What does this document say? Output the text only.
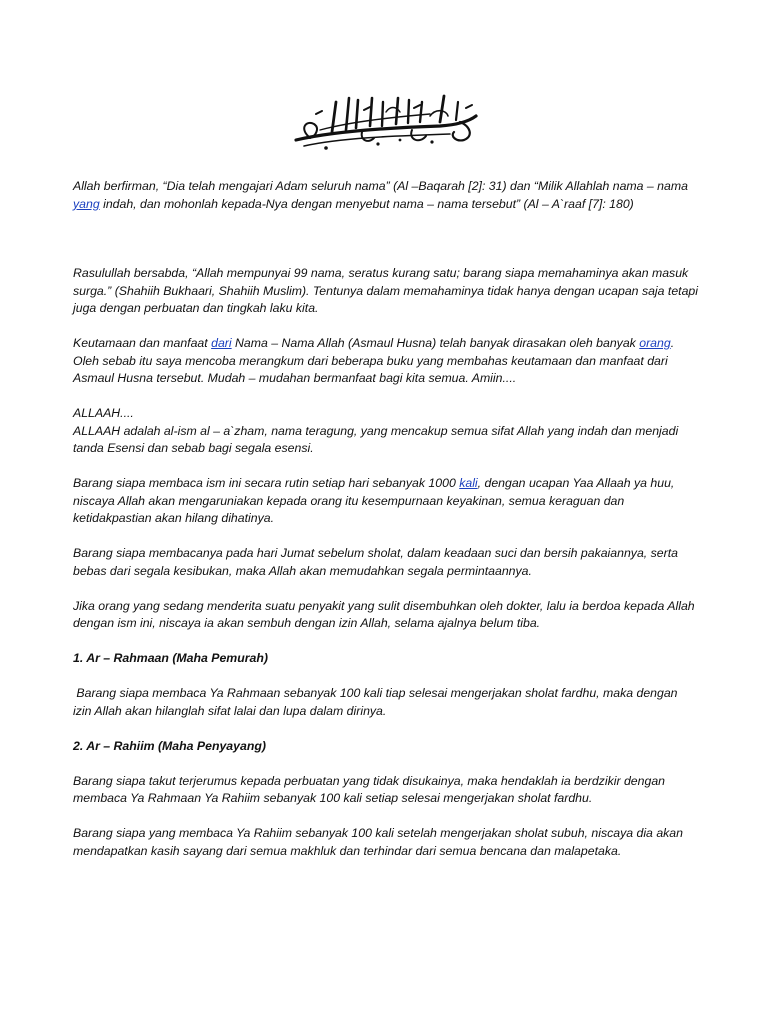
Allah berfirman, “Dia telah mengajari Adam seluruh nama” (Al –Baqarah [2]: 31) dan “Milik Allahlah nama – nama yang indah, dan mohonlah kepada-Nya dengan menyebut nama – nama tersebut” (Al – A`raaf [7]: 180)

Rasulullah bersabda, “Allah mempunyai 99 nama, seratus kurang satu; barang siapa memahaminya akan masuk surga.” (Shahiih Bukhaari, Shahiih Muslim). Tentunya dalam memahaminya tidak hanya dengan ucapan saja tetapi juga dengan perbuatan dan tingkah laku kita.

Keutamaan dan manfaat dari Nama – Nama Allah (Asmaul Husna) telah banyak dirasakan oleh banyak orang. Oleh sebab itu saya mencoba merangkum dari beberapa buku yang membahas keutamaan dan manfaat dari Asmaul Husna tersebut. Mudah – mudahan bermanfaat bagi kita semua. Amiin....

ALLAAH....

ALLAAH adalah al-ism al – a`zham, nama teragung, yang mencakup semua sifat Allah yang indah dan menjadi tanda Esensi dan sebab bagi segala esensi.

Barang siapa membaca ism ini secara rutin setiap hari sebanyak 1000 kali, dengan ucapan Yaa Allaah ya huu, niscaya Allah akan mengaruniakan kepada orang itu kesempurnaan keyakinan, semua keraguan dan ketidakpastian akan hilang dihatinya.

Barang siapa membacanya pada hari Jumat sebelum sholat, dalam keadaan suci dan bersih pakaiannya, serta bebas dari segala kesibukan, maka Allah akan memudahkan segala permintaannya.

Jika orang yang sedang menderita suatu penyakit yang sulit disembuhkan oleh dokter, lalu ia berdoa kepada Allah dengan ism ini, niscaya ia akan sembuh dengan izin Allah, selama ajalnya belum tiba.

1. Ar – Rahmaan (Maha Pemurah)

Barang siapa membaca Ya Rahmaan sebanyak 100 kali tiap selesai mengerjakan sholat fardhu, maka dengan izin Allah akan hilanglah sifat lalai dan lupa dalam dirinya.

2. Ar – Rahiim (Maha Penyayang)

Barang siapa takut terjerumus kepada perbuatan yang tidak disukainya, maka hendaklah ia berdzikir dengan membaca Ya Rahmaan Ya Rahiim sebanyak 100 kali setiap selesai mengerjakan sholat fardhu.

Barang siapa yang membaca Ya Rahiim sebanyak 100 kali setelah mengerjakan sholat subuh, niscaya dia akan mendapatkan kasih sayang dari semua makhluk dan terhindar dari semua bencana dan malapetaka.
